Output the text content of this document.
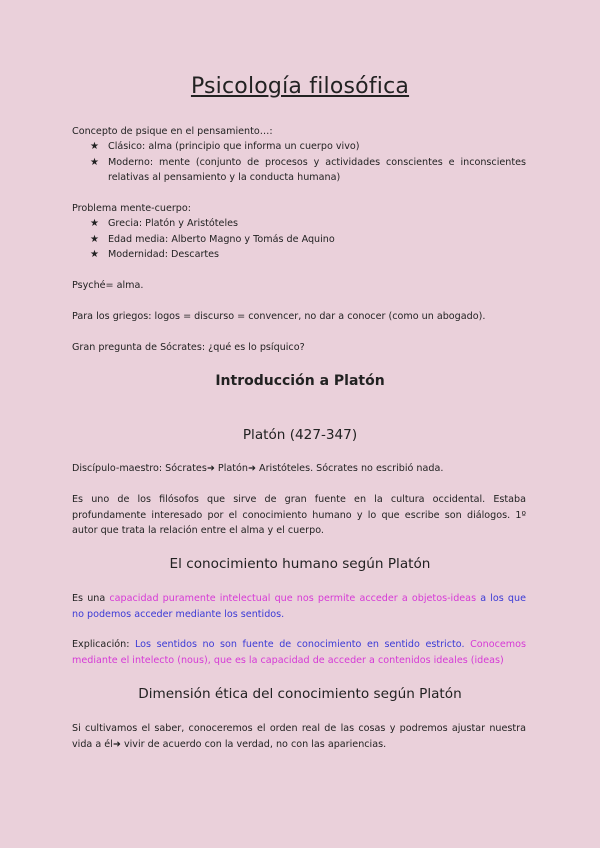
Psicología filosófica
Concepto de psique en el pensamiento…:
★ Clásico: alma (principio que informa un cuerpo vivo)
★ Moderno: mente (conjunto de procesos y actividades conscientes e inconscientes relativas al pensamiento y la conducta humana)
Problema mente-cuerpo:
★ Grecia: Platón y Aristóteles
★ Edad media: Alberto Magno y Tomás de Aquino
★ Modernidad: Descartes
Psyché= alma.
Para los griegos: logos = discurso = convencer, no dar a conocer (como un abogado).
Gran pregunta de Sócrates: ¿qué es lo psíquico?
Introducción a Platón
Platón (427-347)
Discípulo-maestro: Sócrates➜ Platón➜ Aristóteles. Sócrates no escribió nada.
Es uno de los filósofos que sirve de gran fuente en la cultura occidental. Estaba profundamente interesado por el conocimiento humano y lo que escribe son diálogos. 1º autor que trata la relación entre el alma y el cuerpo.
El conocimiento humano según Platón
Es una capacidad puramente intelectual que nos permite acceder a objetos-ideas a los que no podemos acceder mediante los sentidos.
Explicación: Los sentidos no son fuente de conocimiento en sentido estricto. Conocemos mediante el intelecto (nous), que es la capacidad de acceder a contenidos ideales (ideas)
Dimensión ética del conocimiento según Platón
Si cultivamos el saber, conoceremos el orden real de las cosas y podremos ajustar nuestra vida a él➜ vivir de acuerdo con la verdad, no con las apariencias.
